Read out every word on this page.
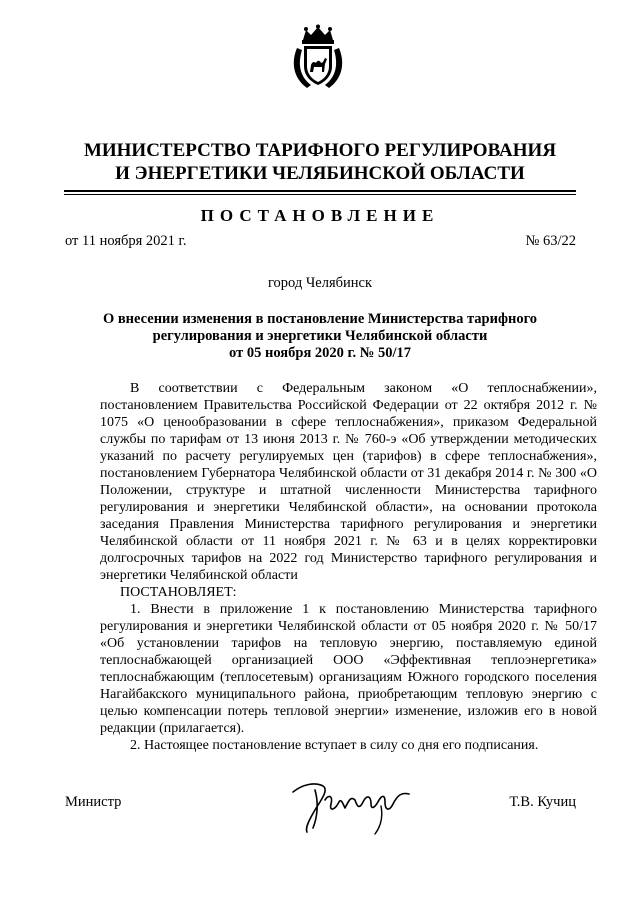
МИНИСТЕРСТВО ТАРИФНОГО РЕГУЛИРОВАНИЯ
И ЭНЕРГЕТИКИ ЧЕЛЯБИНСКОЙ ОБЛАСТИ
ПОСТАНОВЛЕНИЕ
от 11 ноября 2021 г.	№ 63/22
город Челябинск
О внесении изменения в постановление Министерства тарифного
регулирования и энергетики Челябинской области
от 05 ноября 2020 г. № 50/17

В соответствии с Федеральным законом «О теплоснабжении», постановлением Правительства Российской Федерации от 22 октября 2012 г. № 1075 «О ценообразовании в сфере теплоснабжения», приказом Федеральной службы по тарифам от 13 июня 2013 г. № 760-э «Об утверждении методических указаний по расчету регулируемых цен (тарифов) в сфере теплоснабжения», постановлением Губернатора Челябинской области от 31 декабря 2014 г. № 300 «О Положении, структуре и штатной численности Министерства тарифного регулирования и энергетики Челябинской области», на основании протокола заседания Правления Министерства тарифного регулирования и энергетики Челябинской области от 11 ноября 2021 г. № 63 и в целях корректировки долгосрочных тарифов на 2022 год Министерство тарифного регулирования и энергетики Челябинской области

ПОСТАНОВЛЯЕТ:

1. Внести в приложение 1 к постановлению Министерства тарифного регулирования и энергетики Челябинской области от 05 ноября 2020 г. № 50/17 «Об установлении тарифов на тепловую энергию, поставляемую единой теплоснабжающей организацией ООО «Эффективная теплоэнергетика» теплоснабжающим (теплосетевым) организациям Южного городского поселения Нагайбакского муниципального района, приобретающим тепловую энергию с целью компенсации потерь тепловой энергии» изменение, изложив его в новой редакции (прилагается).

2. Настоящее постановление вступает в силу со дня его подписания.

Министр	Т.В. Кучиц
